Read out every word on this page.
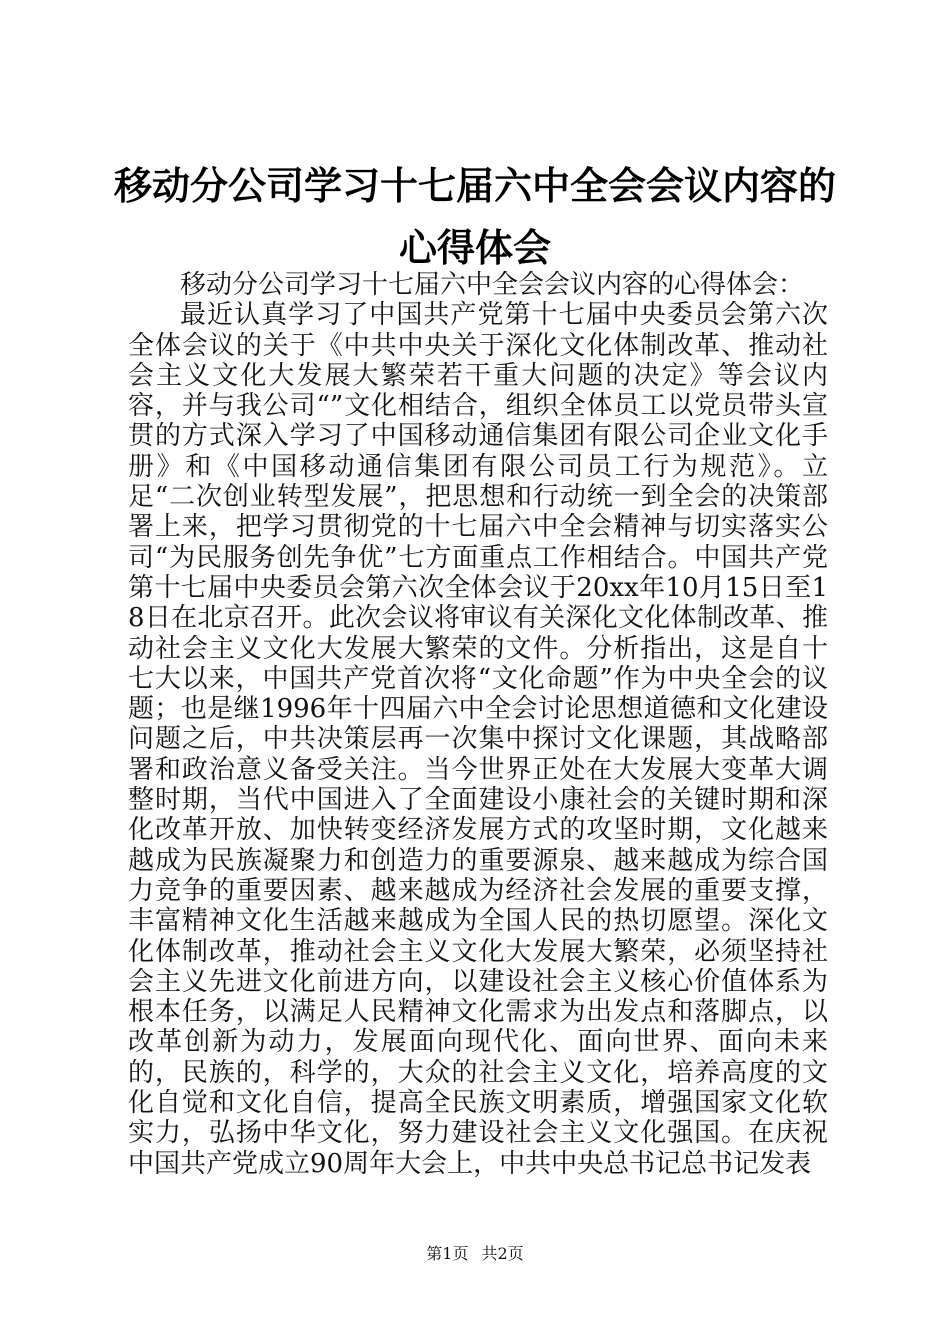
移动分公司学习十七届六中全会会议内容的心得体会

移动分公司学习十七届六中全会会议内容的心得体会：

最近认真学习了中国共产党第十七届中央委员会第六次全体会议的关于《中共中央关于深化文化体制改革、推动社会主义文化大发展大繁荣若干重大问题的决定》等会议内容，并与我公司“”文化相结合，组织全体员工以党员带头宣贯的方式深入学习了中国移动通信集团有限公司企业文化手册》和《中国移动通信集团有限公司员工行为规范》。立足“二次创业转型发展”，把思想和行动统一到全会的决策部署上来，把学习贯彻党的十七届六中全会精神与切实落实公司“为民服务创先争优”七方面重点工作相结合。中国共产党第十七届中央委员会第六次全体会议于20xx年10月15日至18日在北京召开。此次会议将审议有关深化文化体制改革、推动社会主义文化大发展大繁荣的文件。分析指出，这是自十七大以来，中国共产党首次将“文化命题”作为中央全会的议题；也是继1996年十四届六中全会讨论思想道德和文化建设问题之后，中共决策层再一次集中探讨文化课题，其战略部署和政治意义备受关注。当今世界正处在大发展大变革大调整时期，当代中国进入了全面建设小康社会的关键时期和深化改革开放、加快转变经济发展方式的攻坚时期，文化越来越成为民族凝聚力和创造力的重要源泉、越来越成为综合国力竞争的重要因素、越来越成为经济社会发展的重要支撑，丰富精神文化生活越来越成为全国人民的热切愿望。深化文化体制改革，推动社会主义文化大发展大繁荣，必须坚持社会主义先进文化前进方向，以建设社会主义核心价值体系为根本任务，以满足人民精神文化需求为出发点和落脚点，以改革创新为动力，发展面向现代化、面向世界、面向未来的，民族的，科学的，大众的社会主义文化，培养高度的文化自觉和文化自信，提高全民族文明素质，增强国家文化软实力，弘扬中华文化，努力建设社会主义文化强国。在庆祝中国共产党成立90周年大会上，中共中央总书记总书记发表

第1页 共2页
